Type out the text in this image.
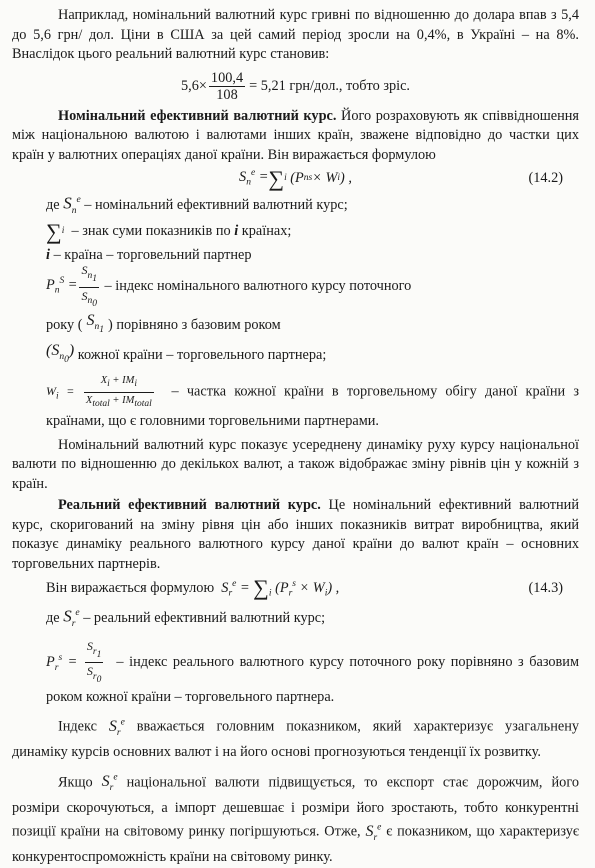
Наприклад, номінальний валютний курс гривні по відношенню до долара впав з 5,4 до 5,6 грн/ дол. Ціни в США за цей самий період зросли на 0,4%, в Україні – на 8%. Внаслідок цього реальний валютний курс становив:

$5,6\times \frac{100,4}{108} = 5,21$ грн/дол. , тобто зріс.

Номінальний ефективний валютний курс. Його розраховують як співвідношення між національною валютою і валютами інших країн, зважене відповідно до частки цих країн у валютних операціях даної країни. Він виражається формулою

$S_n^e$ = ∑ i (P n s × W i ) ,	(14.2)
де
$S_n^e$
– номінальний ефективний валютний курс;
∑ i
– знак суми показників по
i
країнах;
i
– країна – торговельний партнер
$P_n^S = \frac{S_{n_1}}{S_{n_0}}$
– індекс номінального валютного курсу поточного
року ( $S_{n_1}$ ) порівняно з базовим роком
$(S_{n_0})$
кожної країни – торговельного партнера;

$W_i = \frac{X_i + IM_i}{X_{total} + IM_{total}}$ – частка кожної країни в торговельному обігу даної країни з країнами, що є головними торговельними партнерами.

Номінальний валютний курс показує усереднену динаміку руху курсу національної валюти по відношенню до декількох валют, а також відображає зміну рівнів цін у кожній з країн.

Реальний ефективний валютний курс. Це номінальний ефективний валютний курс, скоригований на зміну рівня цін або інших показників витрат виробництва, який показує динаміку реального валютного курсу даної країни до валют країн – основних торговельних партнерів.

Він виражається формулою
$S_r^e = \sum_i$ $(P_r^s \times W_i)$ ,	(14.3)
де
$S_r^e$
– реальний ефективний валютний курс;

$P_r^s = \frac{S_{r_1}}{S_{r_0}}$ – індекс реального валютного курсу поточного року порівняно з базовим роком кожної країни – торговельного партнера.

Індекс $S_r^e$ вважається головним показником, який характеризує узагальнену динаміку курсів основних валют і на його основі прогнозуються тенденції їх розвитку.

Якщо $S_r^e$ національної валюти підвищується, то експорт стає дорожчим, його розміри скорочуються, а імпорт дешевшає і розміри його зростають, тобто конкурентні позиції країни на світовому ринку погіршуються. Отже, $S_r^e$ є показником, що характеризує конкурентоспроможність країни на світовому ринку.
